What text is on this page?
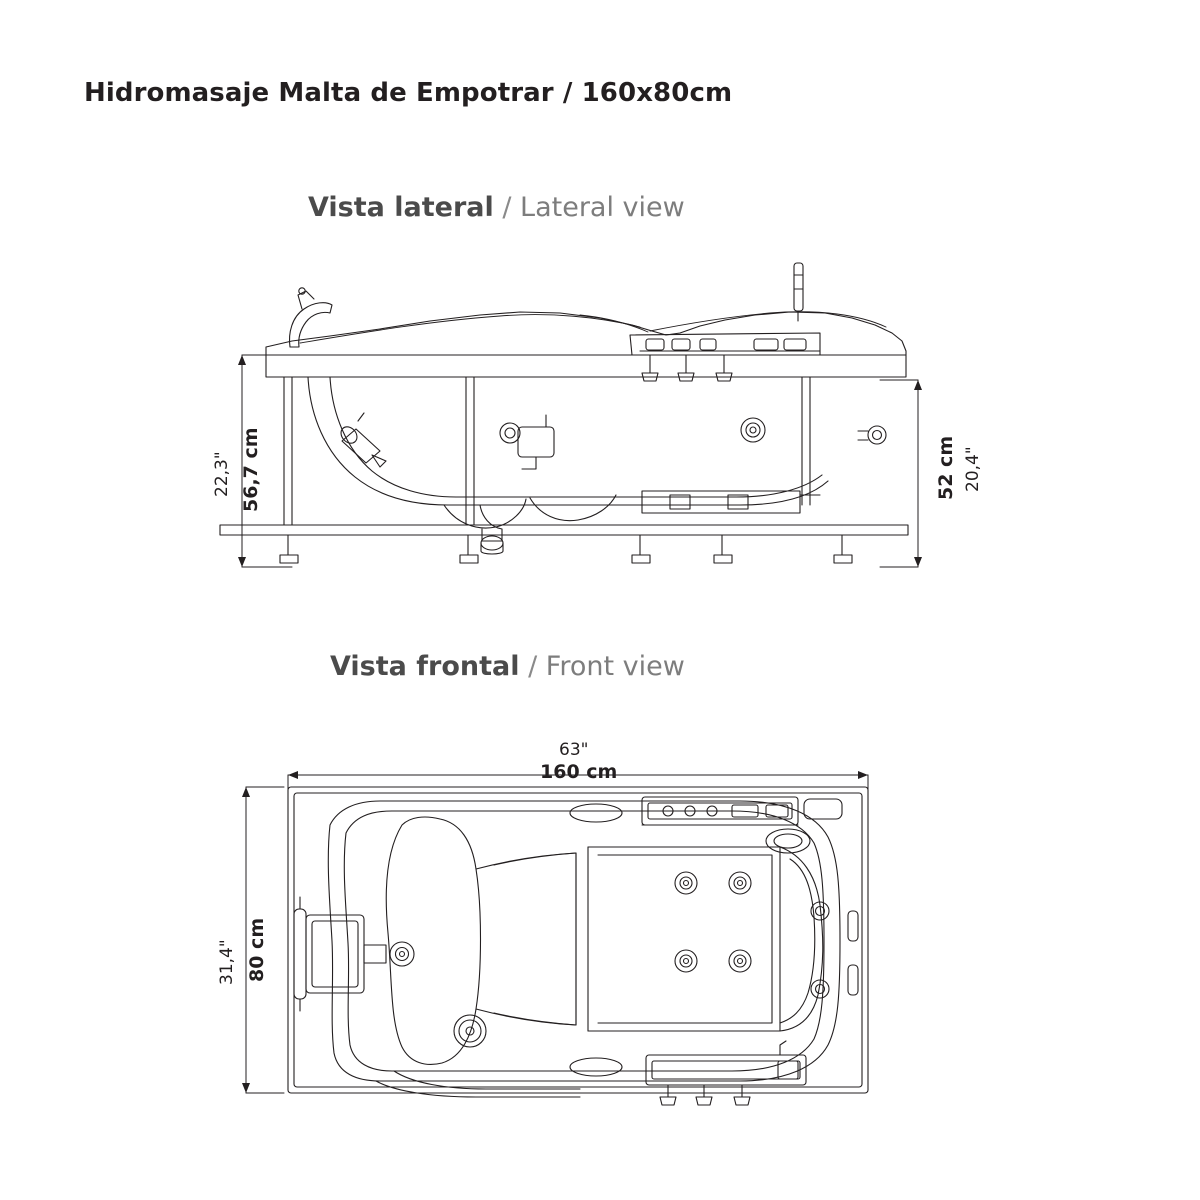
Hidromasaje Malta de Empotrar / 160x80cm
Vista lateral / Lateral view
22,3" 56,7 cm	52 cm 20,4"
Vista frontal / Front view
63"
160 cm
31,4" 80 cm
